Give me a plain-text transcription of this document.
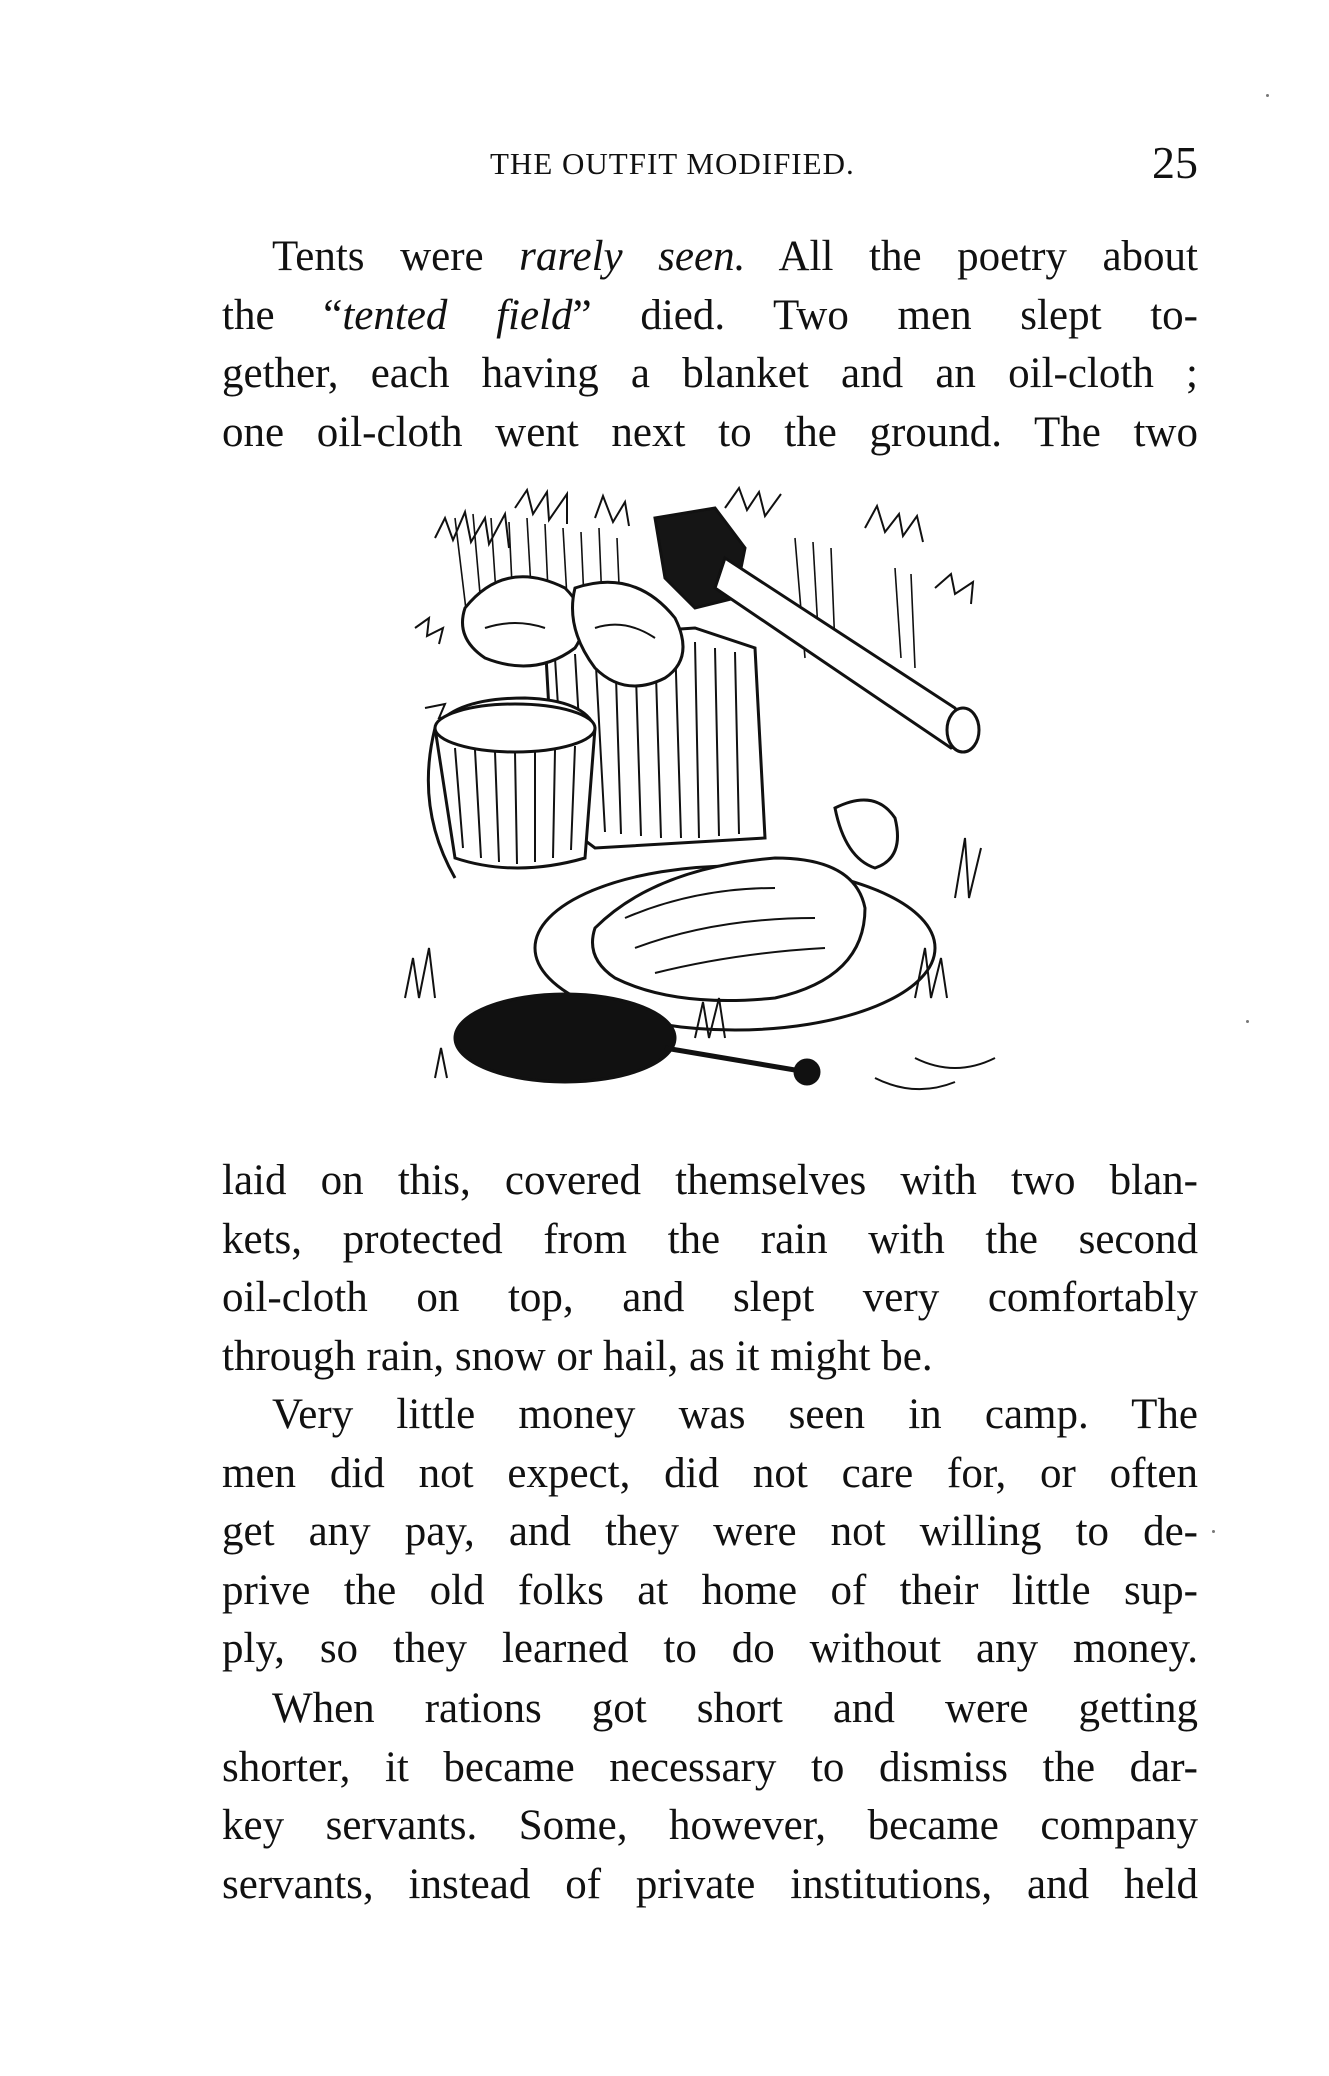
THE OUTFIT MODIFIED.	25
Tents were rarely seen. All the poetry about
the “tented field” died. Two men slept to-
gether, each having a blanket and an oil-cloth ;
one oil-cloth went next to the ground. The two
laid on this, covered themselves with two blan-
kets, protected from the rain with the second
oil-cloth on top, and slept very comfortably
through rain, snow or hail, as it might be.
Very little money was seen in camp. The
men did not expect, did not care for, or often
get any pay, and they were not willing to de-
prive the old folks at home of their little sup-
ply, so they learned to do without any money.
When rations got short and were getting
shorter, it became necessary to dismiss the dar-
key servants. Some, however, became company
servants, instead of private institutions, and held
